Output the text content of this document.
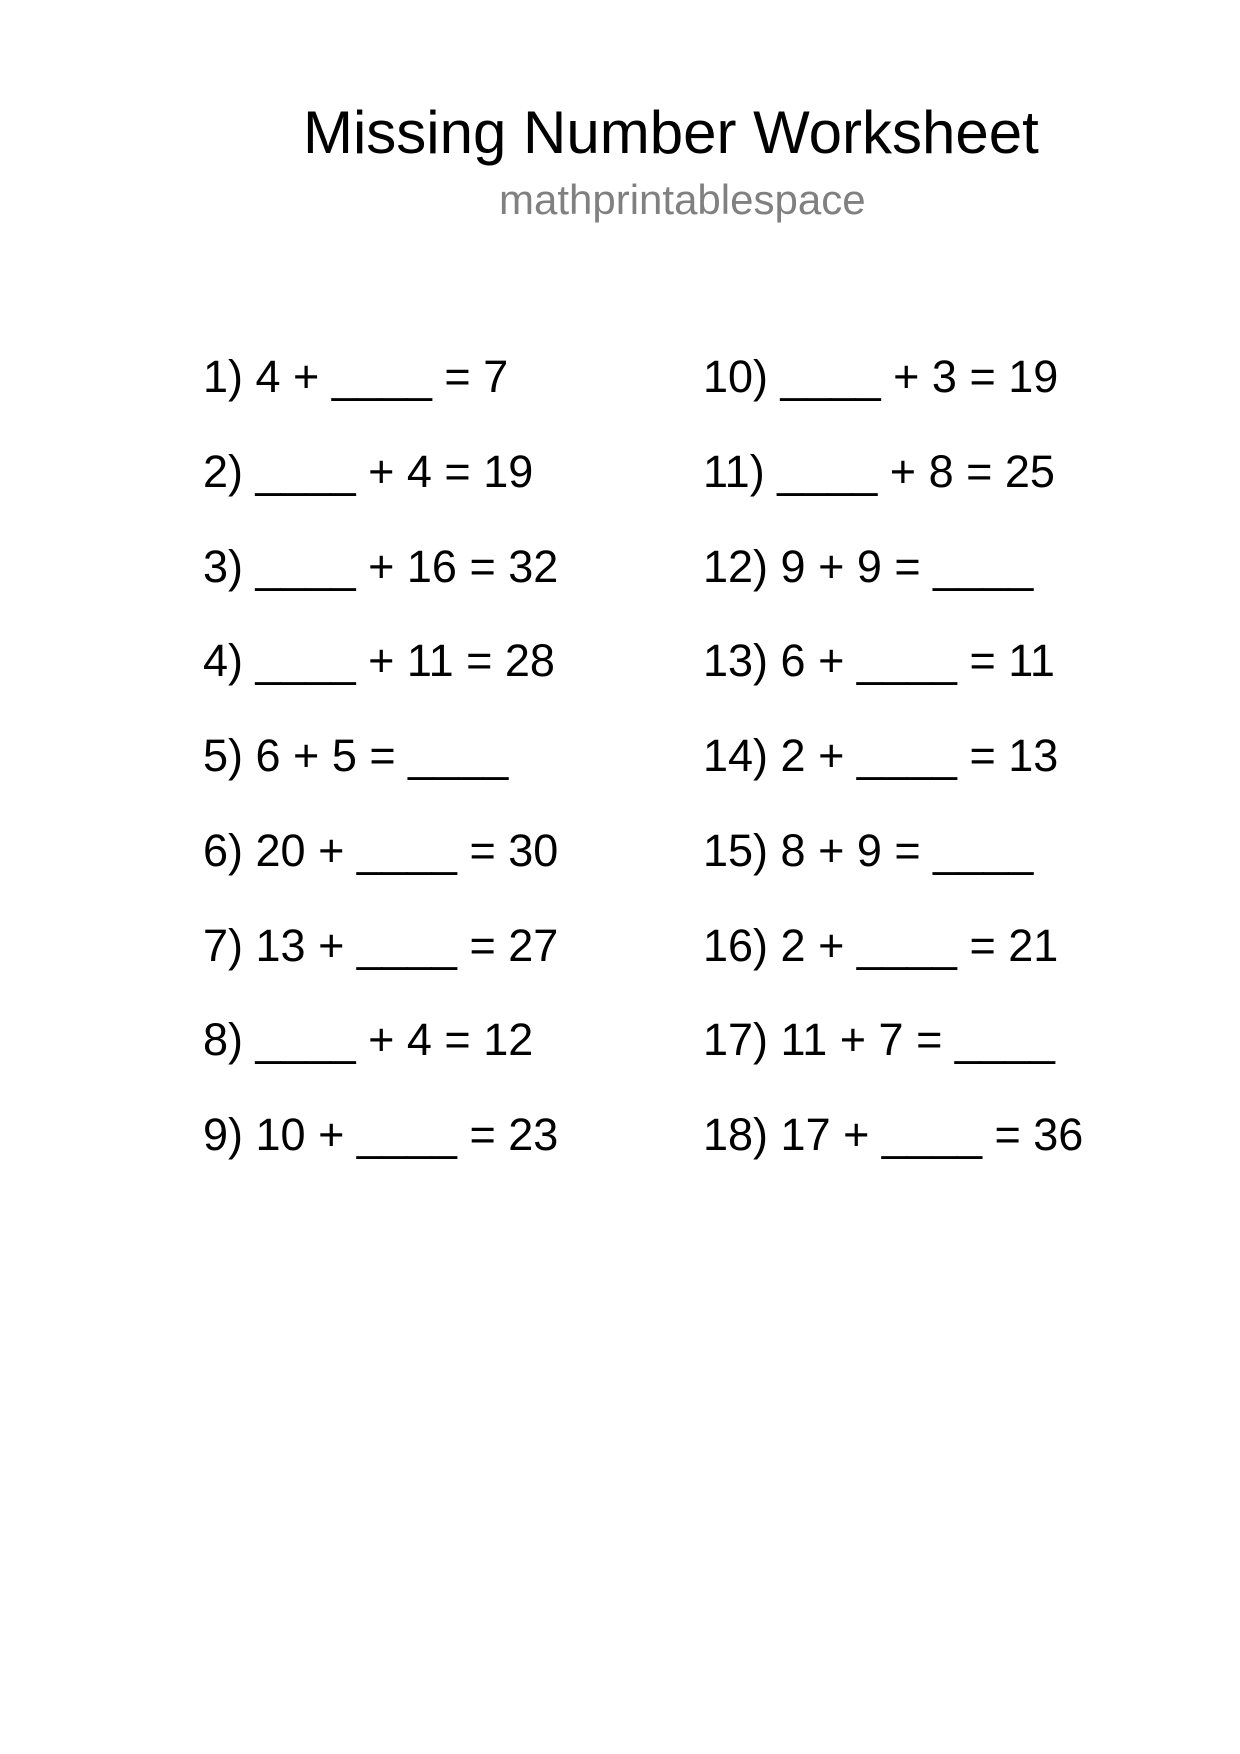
Missing Number Worksheet
mathprintablespace
1) 4 + ____ = 7
2) ____ + 4 = 19
3) ____ + 16 = 32
4) ____ + 11 = 28
5) 6 + 5 = ____
6) 20 + ____ = 30
7) 13 + ____ = 27
8) ____ + 4 = 12
9) 10 + ____ = 23
10) ____ + 3 = 19
11) ____ + 8 = 25
12) 9 + 9 = ____
13) 6 + ____ = 11
14) 2 + ____ = 13
15) 8 + 9 = ____
16) 2 + ____ = 21
17) 11 + 7 = ____
18) 17 + ____ = 36
